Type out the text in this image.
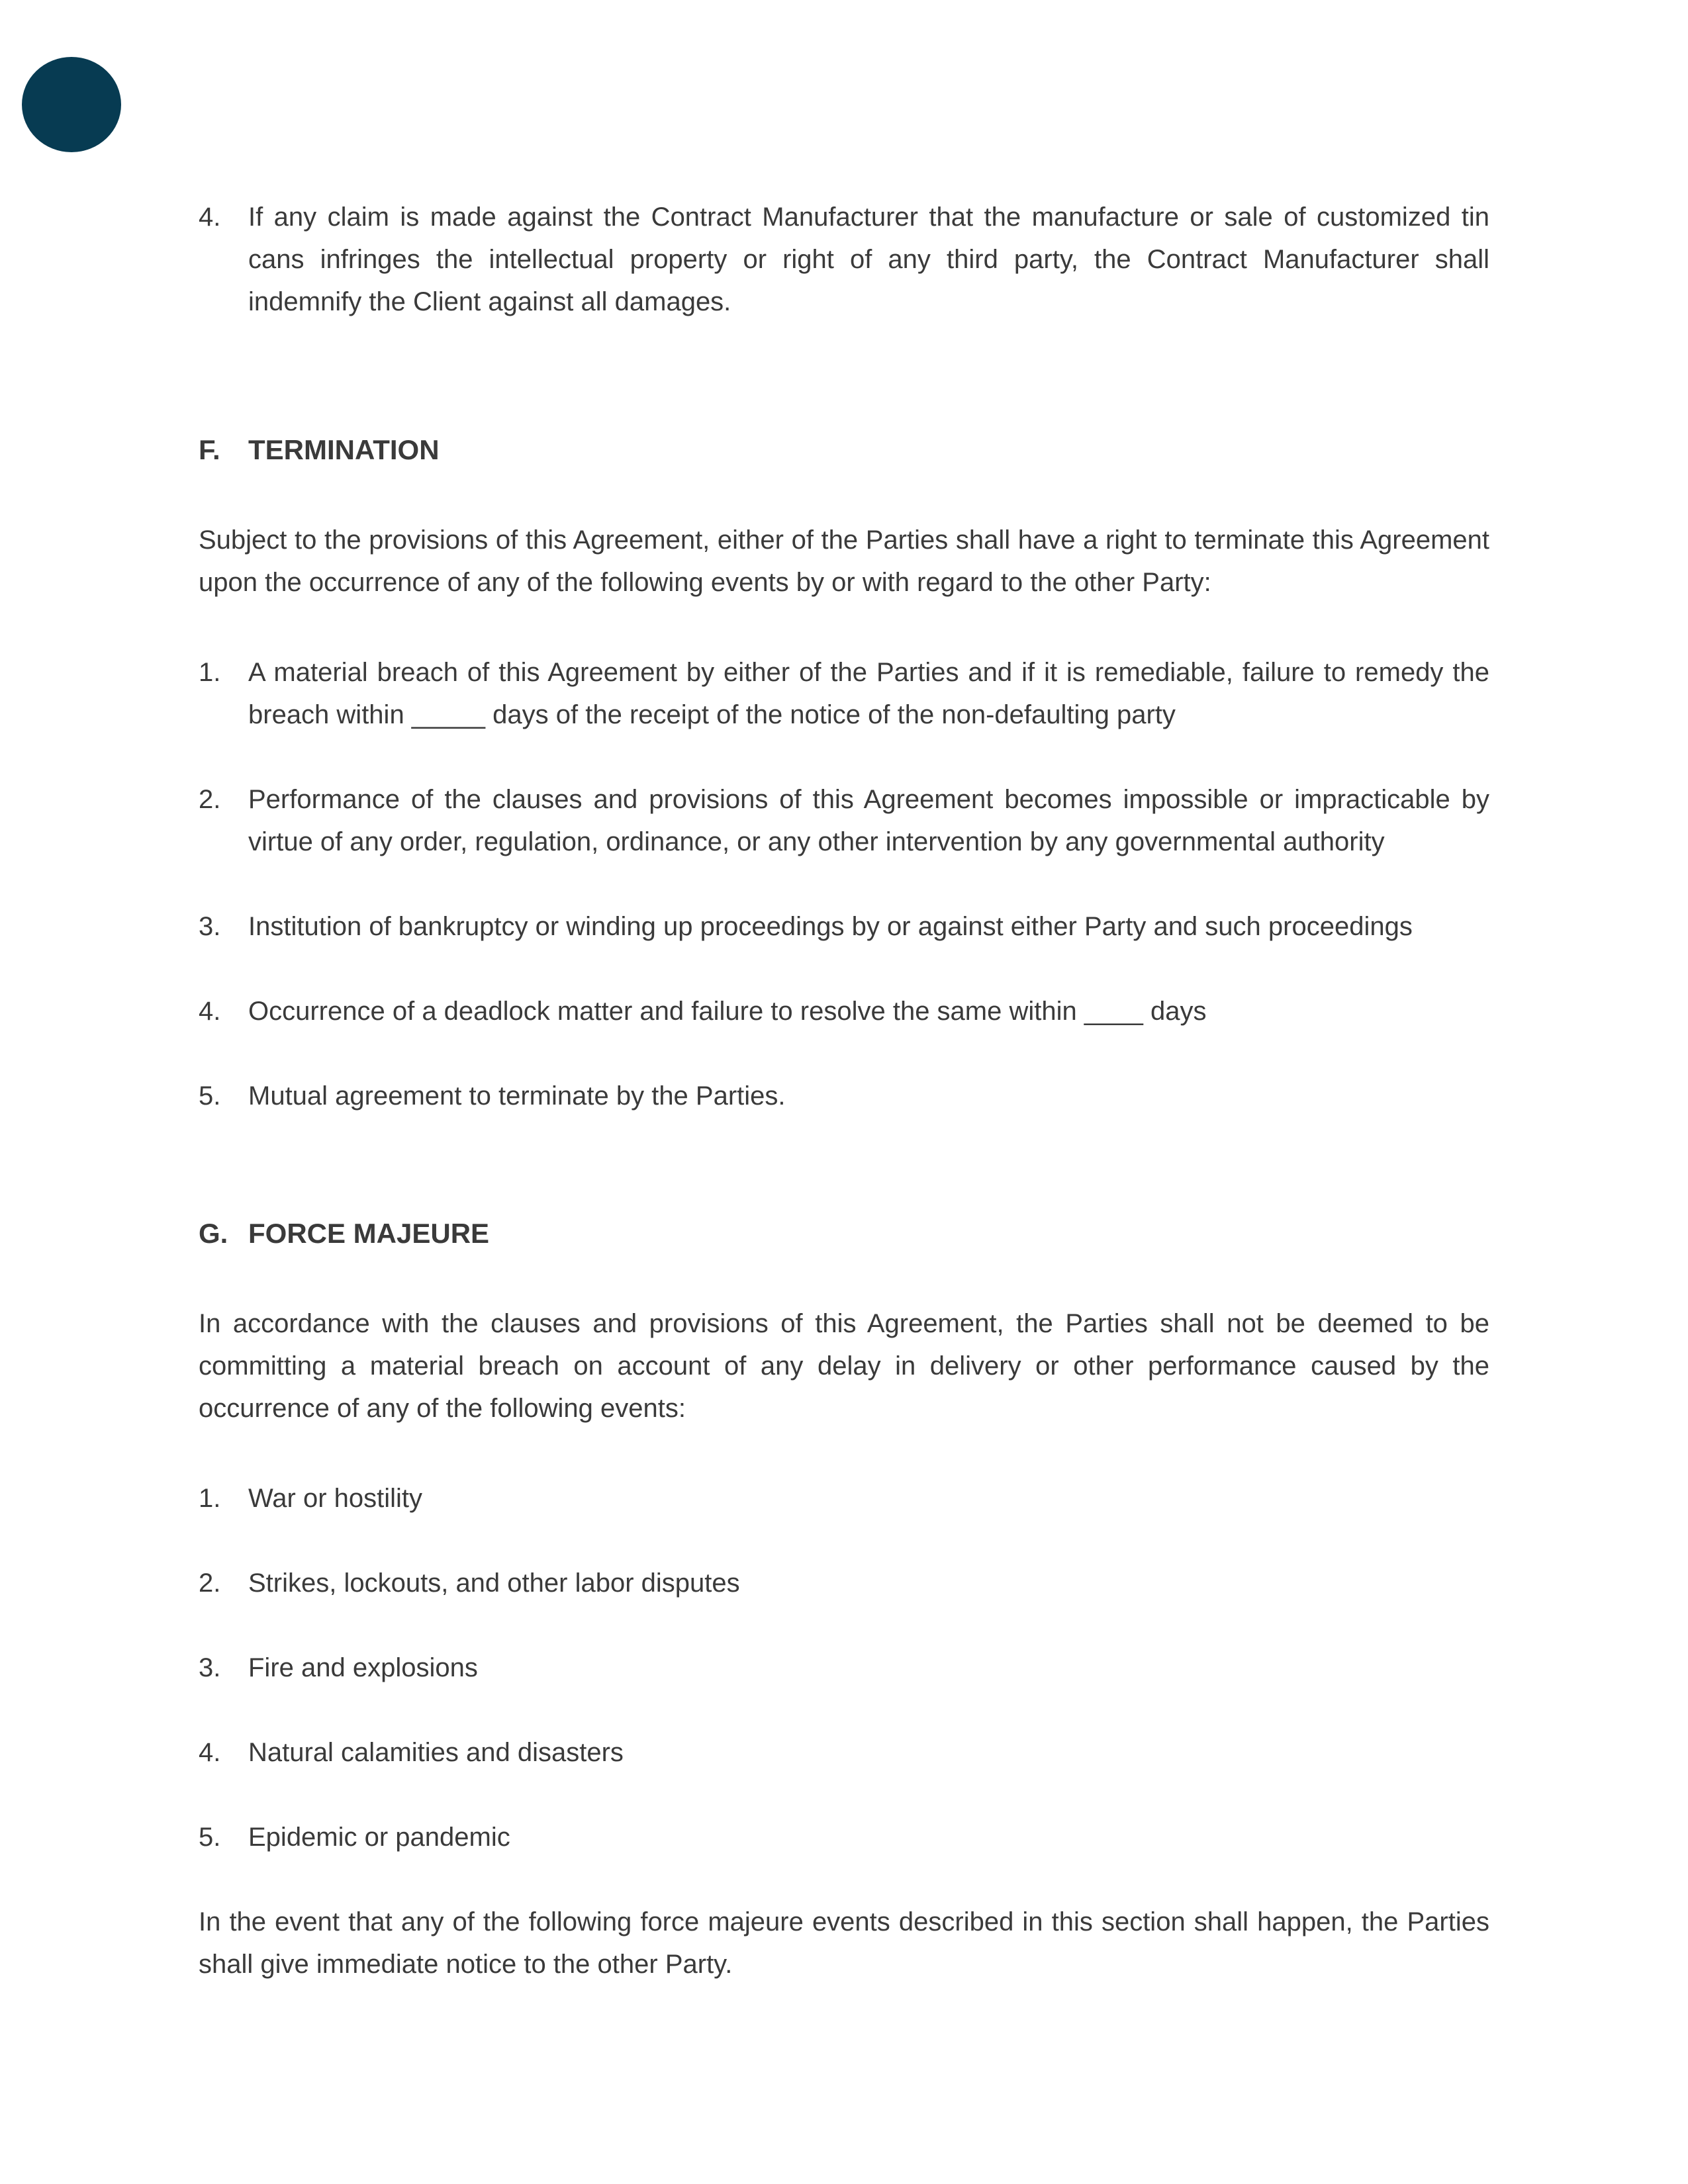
4.	If any claim is made against the Contract Manufacturer that the manufacture or sale of customized tin cans infringes the intellectual property or right of any third party, the Contract Manufacturer shall indemnify the Client against all damages.
F. TERMINATION

Subject to the provisions of this Agreement, either of the Parties shall have a right to terminate this Agreement upon the occurrence of any of the following events by or with regard to the other Party:

1.	A material breach of this Agreement by either of the Parties and if it is remediable, failure to remedy the breach within _____ days of the receipt of the notice of the non-defaulting party
2.	Performance of the clauses and provisions of this Agreement becomes impossible or impracticable by virtue of any order, regulation, ordinance, or any other intervention by any governmental authority
3.	Institution of bankruptcy or winding up proceedings by or against either Party and such proceedings
4.	Occurrence of a deadlock matter and failure to resolve the same within ____ days
5.	Mutual agreement to terminate by the Parties.
G. FORCE MAJEURE

In accordance with the clauses and provisions of this Agreement, the Parties shall not be deemed to be committing a material breach on account of any delay in delivery or other performance caused by the occurrence of any of the following events:

1.	War or hostility
2.	Strikes, lockouts, and other labor disputes
3.	Fire and explosions
4.	Natural calamities and disasters
5.	Epidemic or pandemic

In the event that any of the following force majeure events described in this section shall happen, the Parties shall give immediate notice to the other Party.
